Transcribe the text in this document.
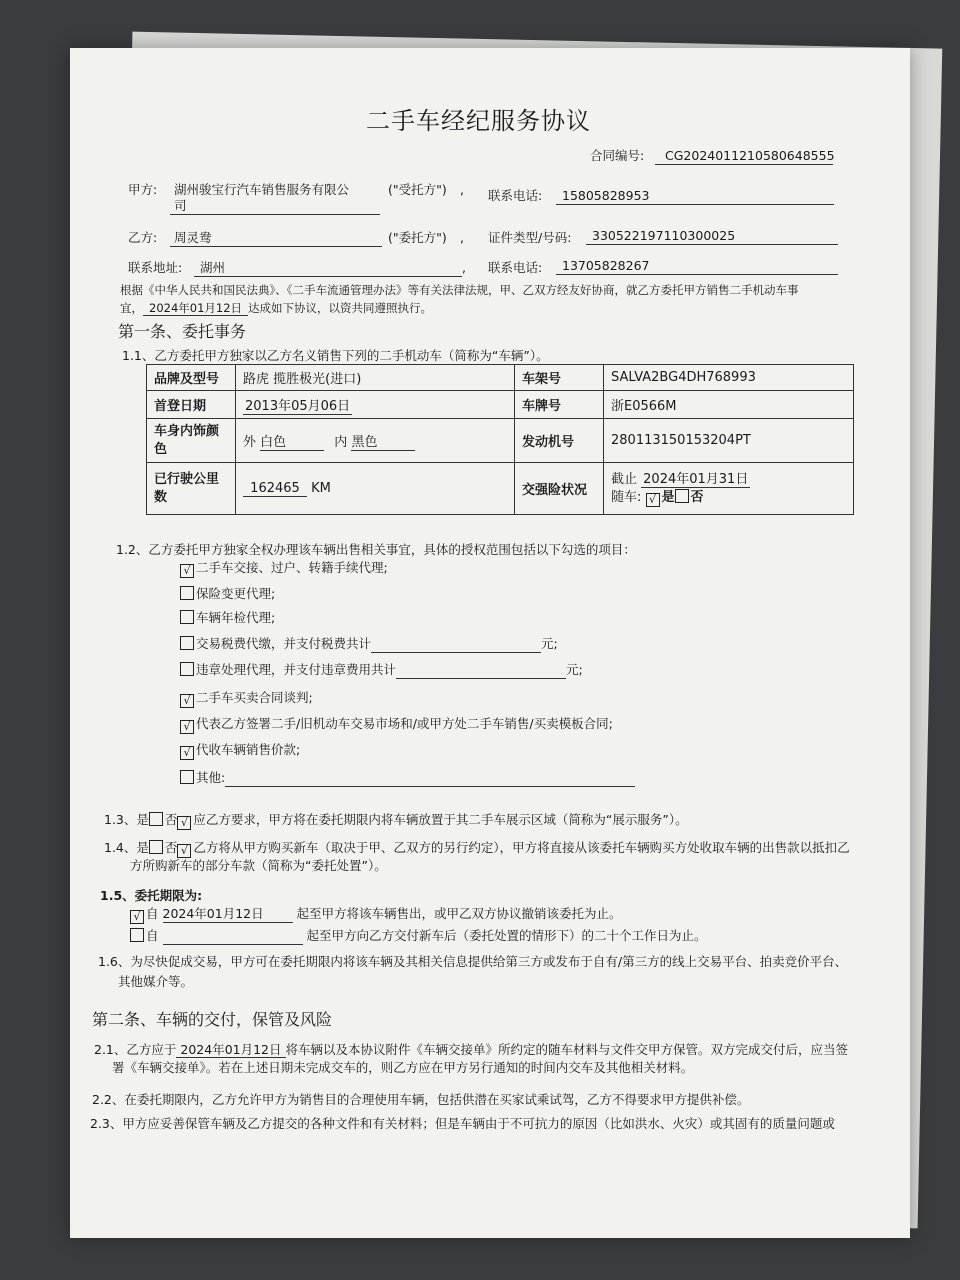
二手车经纪服务协议
合同编号: CG2024011210580648555
甲方: 湖州骏宝行汽车销售服务有限公
司
("受托方") , 联系电话: 15805828953
乙方: 周灵鸯	("委托方") , 证件类型/号码: 330522197110300025
联系地址: 湖州	, 联系电话: 13705828267
根据《中华人民共和国民法典》、《二手车流通管理办法》等有关法律法规，甲、乙双方经友好协商，就乙方委托甲方销售二手机动车事
宜， 2024年01月12日 达成如下协议，以资共同遵照执行。
第一条、委托事务
1.1、乙方委托甲方独家以乙方名义销售下列的二手机动车（简称为“车辆”）。
品牌及型号	路虎 揽胜极光(进口)	车架号	SALVA2BG4DH768993
首登日期	2013年05月06日	车牌号	浙E0566M
车身内饰颜色	外 白色 内 黑色	发动机号	280113150153204PT
已行驶公里数	162465 KM	交强险状况	截止 2024年01月31日
随车: √ 是 否
1.2、乙方委托甲方独家全权办理该车辆出售相关事宜，具体的授权范围包括以下勾选的项目：
√ 二手车交接、过户、转籍手续代理;
保险变更代理;
车辆年检代理;
交易税费代缴，并支付税费共计	元;
违章处理代理，并支付违章费用共计	元;
√ 二手车买卖合同谈判;
√ 代表乙方签署二手/旧机动车交易市场和/或甲方处二手车销售/买卖模板合同;
√ 代收车辆销售价款;
其他:
1.3、是 否 √ 应乙方要求，甲方将在委托期限内将车辆放置于其二手车展示区域（简称为“展示服务”）。
1.4、是 否 √ 乙方将从甲方购买新车（取决于甲、乙双方的另行约定），甲方将直接从该委托车辆购买方处收取车辆的出售款以抵扣乙
方所购新车的部分车款（简称为“委托处置”）。
1.5、委托期限为:
√ 自 2024年01月12日	起至甲方将该车辆售出，或甲乙双方协议撤销该委托为止。
自	起至甲方向乙方交付新车后（委托处置的情形下）的二十个工作日为止。
1.6、为尽快促成交易，甲方可在委托期限内将该车辆及其相关信息提供给第三方或发布于自有/第三方的线上交易平台、拍卖竞价平台、
其他媒介等。
第二条、车辆的交付，保管及风险
2.1、乙方应于 2024年01月12日 将车辆以及本协议附件《车辆交接单》所约定的随车材料与文件交甲方保管。双方完成交付后，应当签
署《车辆交接单》。若在上述日期未完成交车的，则乙方应在甲方另行通知的时间内交车及其他相关材料。
2.2、在委托期限内，乙方允许甲方为销售目的合理使用车辆，包括供潜在买家试乘试驾，乙方不得要求甲方提供补偿。
2.3、甲方应妥善保管车辆及乙方提交的各种文件和有关材料；但是车辆由于不可抗力的原因（比如洪水、火灾）或其固有的质量问题或
